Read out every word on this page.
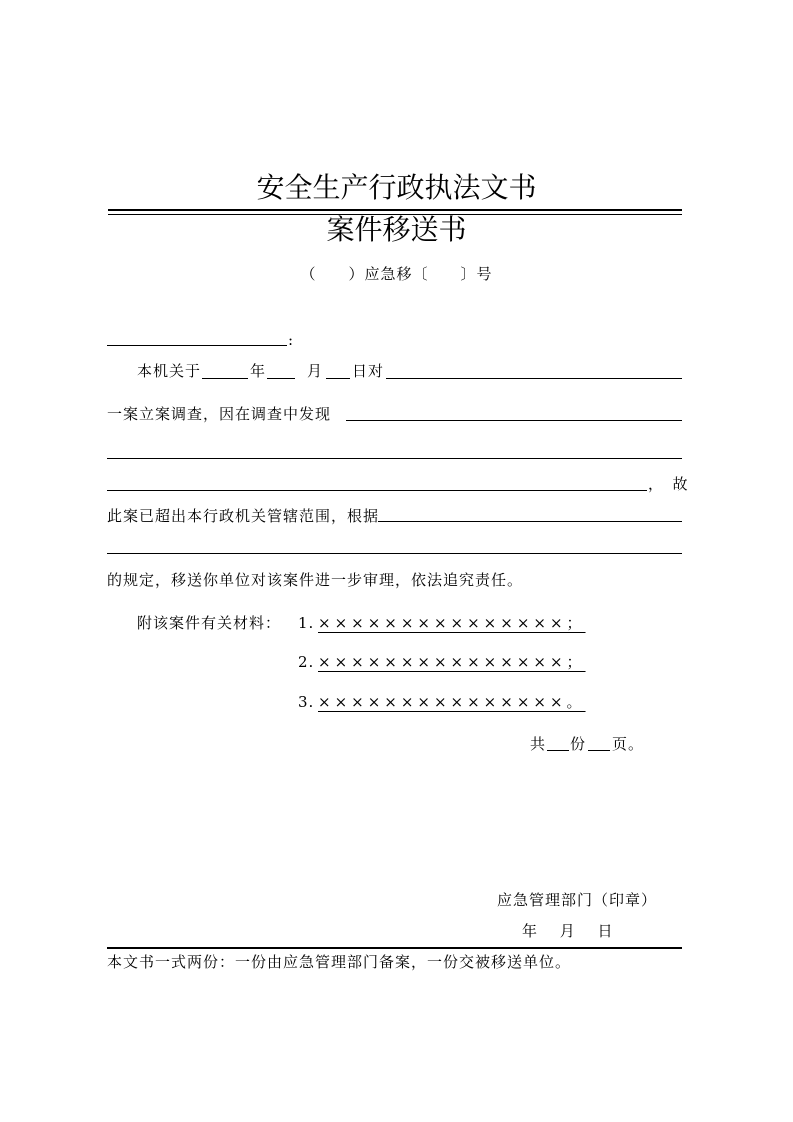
安全生产行政执法文书
案件移送书
（　　）应急移〔　　〕号
:
本机关于	年	月 日对
一案立案调查，因在调查中发现
，　故
此案已超出本行政机关管辖范围，根据
的规定，移送你单位对该案件进一步审理，依法追究责任。
附该案件有关材料： 1. ×××××××××××××××；
2. ×××××××××××××××；
3. ×××××××××××××××。
共 份 页。
应急管理部门（印章）
年　 月　 日
本文书一式两份：一份由应急管理部门备案，一份交被移送单位。
